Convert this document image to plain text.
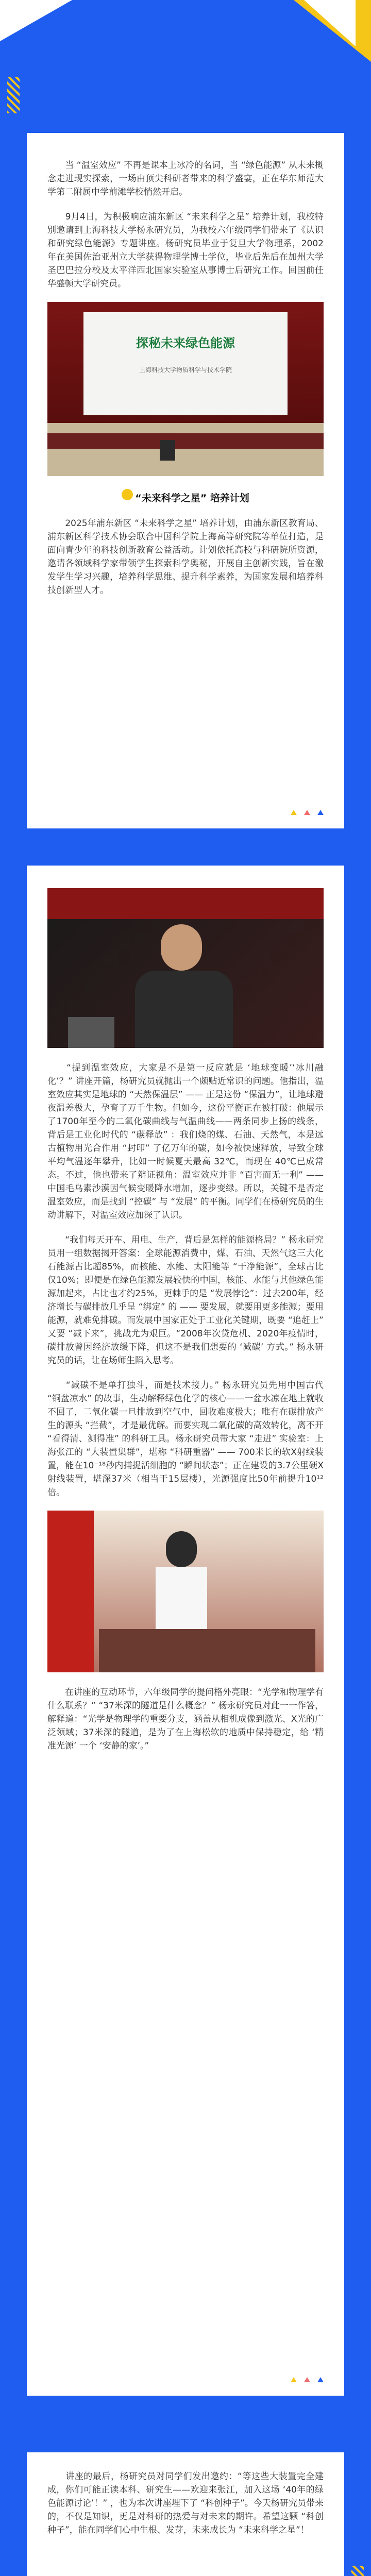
　　当 “温室效应” 不再是课本上冰冷的名词，当 “绿色能源” 从未来概念走进现实探索，一场由顶尖科研者带来的科学盛宴，正在华东师范大学第二附属中学前滩学校悄然开启。

　　9月4日，为积极响应浦东新区 “未来科学之星” 培养计划，我校特别邀请到上海科技大学杨永研究员，为我校六年级同学们带来了《认识和研究绿色能源》专题讲座。杨研究员毕业于复旦大学物理系，2002年在美国佐治亚州立大学获得物理学博士学位，毕业后先后在加州大学圣巴巴拉分校及太平洋西北国家实验室从事博士后研究工作。回国前任华盛顿大学研究员。

探秘未来绿色能源
上海科技大学物质科学与技术学院
“未来科学之星” 培养计划

　　2025年浦东新区 “未来科学之星” 培养计划，由浦东新区教育局、浦东新区科学技术协会联合中国科学院上海高等研究院等单位打造，是面向青少年的科技创新教育公益活动。计划依托高校与科研院所资源，邀请各领域科学家带领学生探索科学奥秘，开展自主创新实践，旨在激发学生学习兴趣，培养科学思维、提升科学素养，为国家发展和培养科技创新型人才。

　　“提到温室效应，大家是不是第一反应就是 ‘地球变暖’‘冰川融化’？” 讲座开篇，杨研究员就抛出一个颇贴近常识的问题。他指出，温室效应其实是地球的 “天然保温层” —— 正是这份 “保温力”，让地球避夜温差极大，孕育了万千生物。但如今，这份平衡正在被打破：他展示了1700年至今的二氧化碳曲线与气温曲线——两条同步上扬的线条，背后是工业化时代的 “碳释放” ：我们烧的煤、石油、天然气，本是远古植物用光合作用 “封印” 了亿万年的碳，如今被快速释放，导致全球平均气温逐年攀升，比如一时候夏天最高 32℃，而现在 40℃已成常态。不过，他也带来了辩证视角：温室效应并非 “百害而无一利” —— 中国毛乌素沙漠因气候变暖降水增加，逐步变绿。所以，关键不是否定温室效应，而是找到 “控碳” 与 “发展” 的平衡。同学们在杨研究员的生动讲解下，对温室效应加深了认识。

　　“我们每天开车、用电、生产，背后是怎样的能源格局？” 杨永研究员用一组数据揭开答案：全球能源消费中，煤、石油、天然气这三大化石能源占比超85%，而核能、水能、太阳能等 “干净能源”，全球占比仅10%；即便是在绿色能源发展较快的中国，核能、水能与其他绿色能源加起来，占比也才约25%，更棘手的是 “发展悖论”：过去200年，经济增长与碳排放几乎呈 “绑定” 的 —— 要发展，就要用更多能源；要用能源，就难免排碳。而发展中国家正处于工业化关键期，既要 “追赶上” 又要 “减下来”，挑战尤为艰巨。“2008年次贷危机、2020年疫情时，碳排放曾因经济放缓下降，但这不是我们想要的 ‘减碳’ 方式。” 杨永研究员的话，让在场师生陷入思考。

　　“减碳不是单打独斗，而是技术接力。” 杨永研究员先用中国古代 “铜盆凉水” 的故事，生动解释绿色化学的核心——一盆水凉在地上就收不回了，二氧化碳一旦排放到空气中，回收难度极大；唯有在碳排放产生的源头 “拦截”，才是最优解。而要实现二氧化碳的高效转化，离不开 “看得清、测得准” 的科研工具。杨永研究员带大家 “走进” 实验室：上海张江的 “大装置集群”，堪称 “科研重器” —— 700米长的软X射线装置，能在10⁻¹⁸秒内捕捉活细胞的 “瞬间状态”；正在建设的3.7公里硬X射线装置，堪深37米（相当于15层楼），光源强度比50年前提升10¹²倍。

　　在讲座的互动环节，六年级同学的提问格外亮眼：“光学和物理学有什么联系？” “37米深的隧道是什么概念？” 杨永研究员对此一一作答，解释道：“光学是物理学的重要分支，涵盖从相机成像到激光、X光的广泛领域；37米深的隧道，是为了在上海松软的地质中保持稳定，给 ‘精准光源’ 一个 ‘安静的家’。”

　　讲座的最后，杨研究员对同学们发出邀约：“等这些大装置完全建成，你们可能正读本科、研究生——欢迎来张江，加入这场 ‘40年的绿色能源讨论’！” ，也为本次讲座埋下了 “科创种子”。今天杨研究员带来的，不仅是知识，更是对科研的热爱与对未来的期许。希望这颗 “科创种子”，能在同学们心中生根、发芽，未来成长为 “未来科学之星”！
